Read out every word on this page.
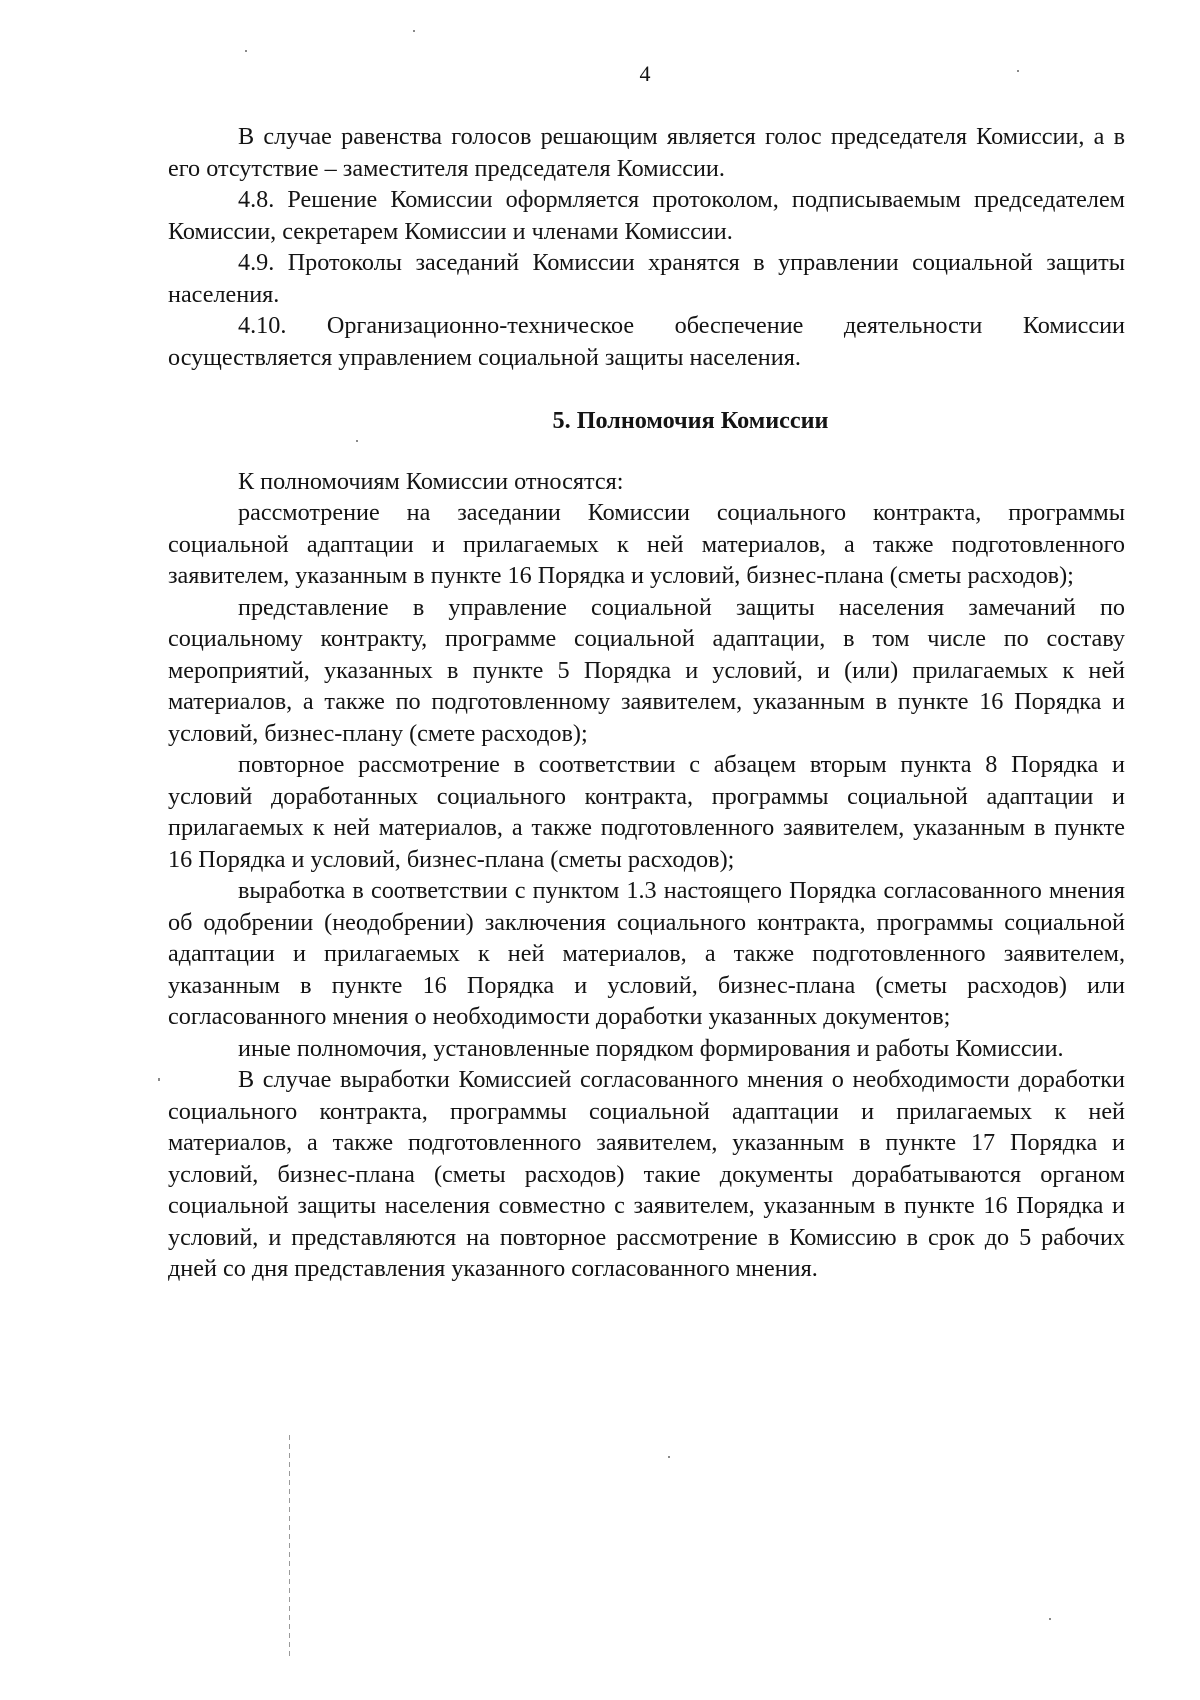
4

В случае равенства голосов решающим является голос председателя Комиссии, а в его отсутствие – заместителя председателя Комиссии.

4.8. Решение Комиссии оформляется протоколом, подписываемым председателем Комиссии, секретарем Комиссии и членами Комиссии.

4.9. Протоколы заседаний Комиссии хранятся в управлении социальной защиты населения.

4.10. Организационно-техническое обеспечение деятельности Комиссии осуществляется управлением социальной защиты населения.

5. Полномочия Комиссии

К полномочиям Комиссии относятся:

рассмотрение на заседании Комиссии социального контракта, программы социальной адаптации и прилагаемых к ней материалов, а также подготовленного заявителем, указанным в пункте 16 Порядка и условий, бизнес-плана (сметы расходов);

представление в управление социальной защиты населения замечаний по социальному контракту, программе социальной адаптации, в том числе по составу мероприятий, указанных в пункте 5 Порядка и условий, и (или) прилагаемых к ней материалов, а также по подготовленному заявителем, указанным в пункте 16 Порядка и условий, бизнес-плану (смете расходов);

повторное рассмотрение в соответствии с абзацем вторым пункта 8 Порядка и условий доработанных социального контракта, программы социальной адаптации и прилагаемых к ней материалов, а также подготовленного заявителем, указанным в пункте 16 Порядка и условий, бизнес-плана (сметы расходов);

выработка в соответствии с пунктом 1.3 настоящего Порядка согласованного мнения об одобрении (неодобрении) заключения социального контракта, программы социальной адаптации и прилагаемых к ней материалов, а также подготовленного заявителем, указанным в пункте 16 Порядка и условий, бизнес-плана (сметы расходов) или согласованного мнения о необходимости доработки указанных документов;

иные полномочия, установленные порядком формирования и работы Комиссии.

В случае выработки Комиссией согласованного мнения о необходимости доработки социального контракта, программы социальной адаптации и прилагаемых к ней материалов, а также подготовленного заявителем, указанным в пункте 17 Порядка и условий, бизнес-плана (сметы расходов) такие документы дорабатываются органом социальной защиты населения совместно с заявителем, указанным в пункте 16 Порядка и условий, и представляются на повторное рассмотрение в Комиссию в срок до 5 рабочих дней со дня представления указанного согласованного мнения.
